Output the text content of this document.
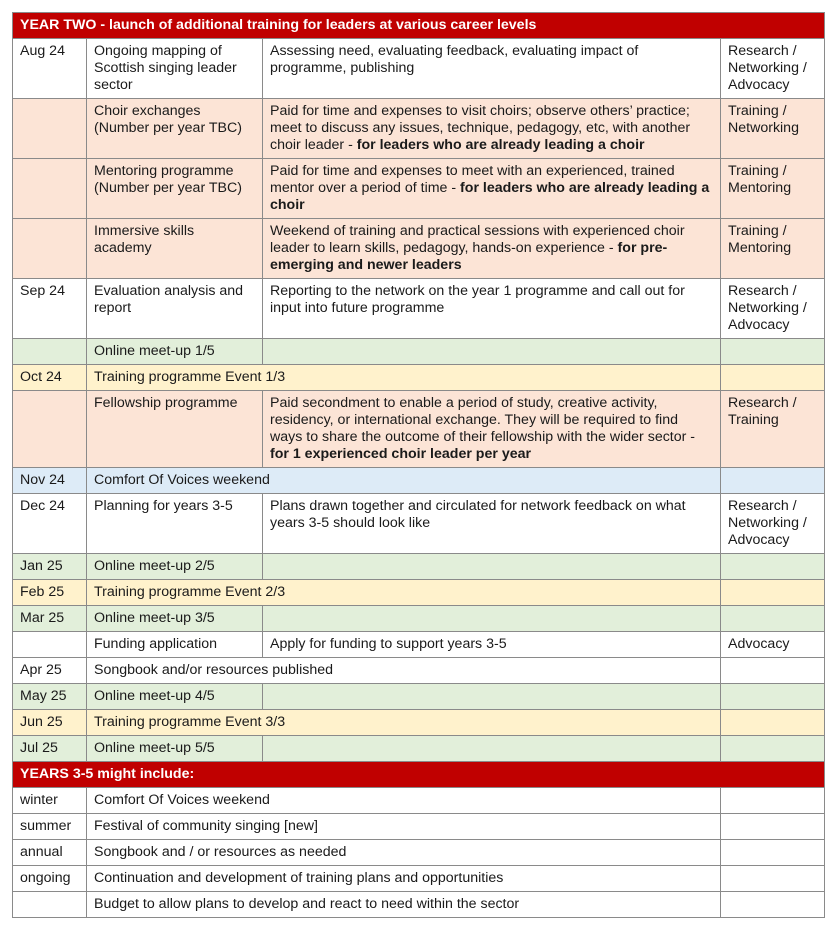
YEAR TWO - launch of additional training for leaders at various career levels			
Aug 24	Ongoing mapping of Scottish singing leader sector	Assessing need, evaluating feedback, evaluating impact of programme, publishing	Research / Networking / Advocacy
	Choir exchanges (Number per year TBC)	Paid for time and expenses to visit choirs; observe others’ practice; meet to discuss any issues, technique, pedagogy, etc, with another choir leader - for leaders who are already leading a choir	Training / Networking
	Mentoring programme (Number per year TBC)	Paid for time and expenses to meet with an experienced, trained mentor over a period of time - for leaders who are already leading a choir	Training / Mentoring
	Immersive skills academy	Weekend of training and practical sessions with experienced choir leader to learn skills, pedagogy, hands-on experience - for pre-emerging and newer leaders	Training / Mentoring
Sep 24	Evaluation analysis and report	Reporting to the network on the year 1 programme and call out for input into future programme	Research / Networking / Advocacy
	Online meet-up 1/5		
Oct 24	Training programme Event 1/3		
	Fellowship programme	Paid secondment to enable a period of study, creative activity, residency, or international exchange. They will be required to find ways to share the outcome of their fellowship with the wider sector - for 1 experienced choir leader per year	Research / Training
Nov 24	Comfort Of Voices weekend		
Dec 24	Planning for years 3-5	Plans drawn together and circulated for network feedback on what years 3-5 should look like	Research / Networking / Advocacy
Jan 25	Online meet-up 2/5		
Feb 25	Training programme Event 2/3		
Mar 25	Online meet-up 3/5		
	Funding application	Apply for funding to support years 3-5	Advocacy
Apr 25	Songbook and/or resources published		
May 25	Online meet-up 4/5		
Jun 25	Training programme Event 3/3		
Jul 25	Online meet-up 5/5		
YEARS 3-5 might include:			
winter	Comfort Of Voices weekend		
summer	Festival of community singing [new]		
annual	Songbook and / or resources as needed		
ongoing	Continuation and development of training plans and opportunities		
	Budget to allow plans to develop and react to need within the sector		
